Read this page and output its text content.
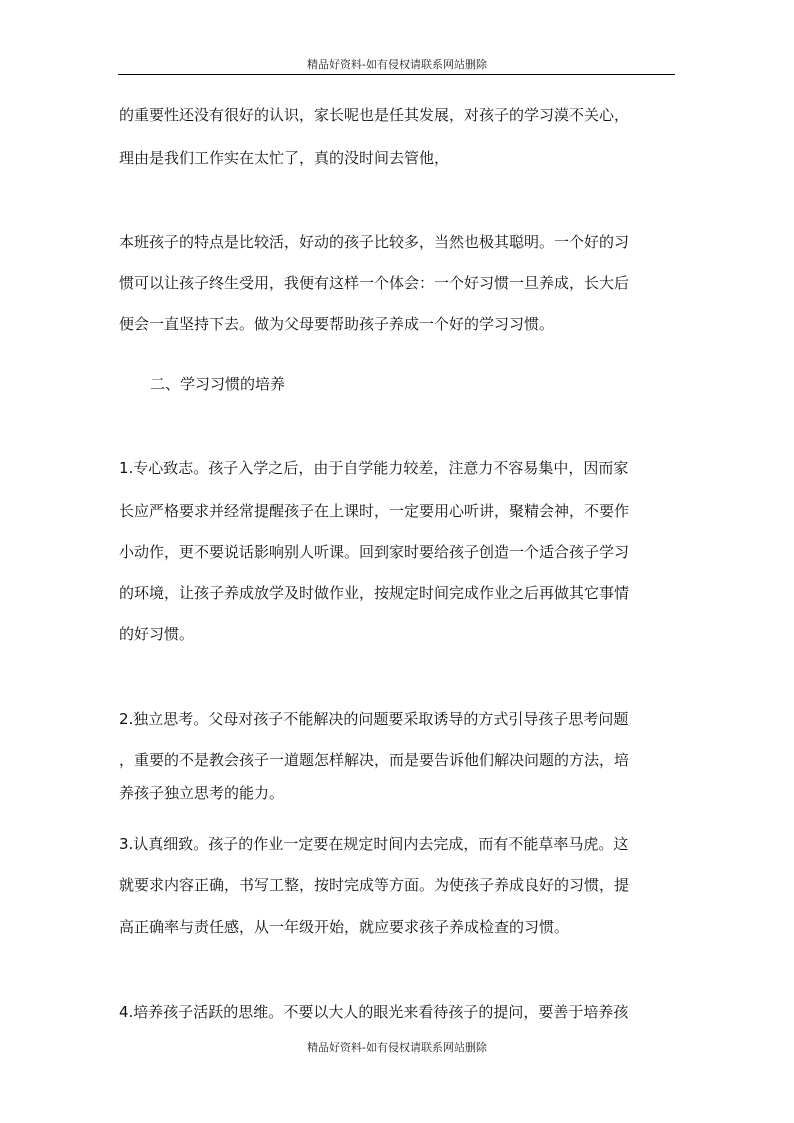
精品好资料-如有侵权请联系网站删除
的重要性还没有很好的认识，家长呢也是任其发展，对孩子的学习漠不关心，
理由是我们工作实在太忙了，真的没时间去管他，
本班孩子的特点是比较活，好动的孩子比较多，当然也极其聪明。一个好的习
惯可以让孩子终生受用，我便有这样一个体会：一个好习惯一旦养成，长大后
便会一直坚持下去。做为父母要帮助孩子养成一个好的学习习惯。
二、学习习惯的培养
1.专心致志。孩子入学之后，由于自学能力较差，注意力不容易集中，因而家
长应严格要求并经常提醒孩子在上课时，一定要用心听讲，聚精会神，不要作
小动作，更不要说话影响别人听课。回到家时要给孩子创造一个适合孩子学习
的环境，让孩子养成放学及时做作业，按规定时间完成作业之后再做其它事情
的好习惯。
2.独立思考。父母对孩子不能解决的问题要采取诱导的方式引导孩子思考问题
，重要的不是教会孩子一道题怎样解决，而是要告诉他们解决问题的方法，培
养孩子独立思考的能力。
3.认真细致。孩子的作业一定要在规定时间内去完成，而有不能草率马虎。这
就要求内容正确，书写工整，按时完成等方面。为使孩子养成良好的习惯，提
高正确率与责任感，从一年级开始，就应要求孩子养成检查的习惯。
4.培养孩子活跃的思维。不要以大人的眼光来看待孩子的提问，要善于培养孩
精品好资料-如有侵权请联系网站删除
